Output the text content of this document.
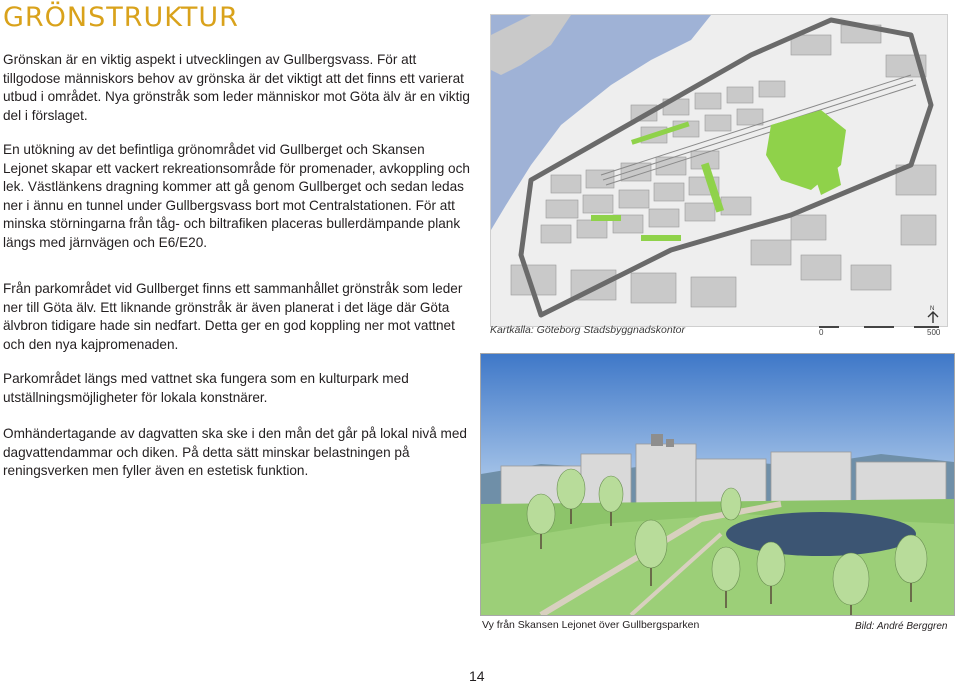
GRÖNSTRUKTUR

Grönskan är en viktig aspekt i utvecklingen av Gullbergsvass. För att tillgodose människors behov av grönska är det viktigt att det finns ett varierat utbud i området. Nya grönstråk som leder människor mot Göta älv är en viktig del i förslaget.

En utökning av det befintliga grönområdet vid Gullberget och Skansen Lejonet skapar ett vackert rekreationsområde för promenader, avkoppling och lek. Västlänkens dragning kommer att gå genom Gullberget och sedan ledas ner i ännu en tunnel under Gullbergsvass bort mot Centralstationen. För att minska störningarna från tåg- och biltrafiken placeras bullerdämpande plank längs med järnvägen och E6/E20.

Från parkområdet vid Gullberget finns ett sammanhållet grönstråk som leder ner till Göta älv. Ett liknande grönstråk är även planerat i det läge där Göta älvbron tidigare hade sin nedfart. Detta ger en god koppling ner mot vattnet och den nya kajpromenaden.

Parkområdet längs med vattnet ska fungera som en kulturpark med utställningsmöjligheter för lokala konstnärer.

Omhändertagande av dagvatten ska ske i den mån det går på lokal nivå med dagvattendammar och diken. På detta sätt minskar belastningen på reningsverken men fyller även en estetisk funktion.

Kartkälla: Göteborg Stadsbyggnadskontor	0	500
N
Vy från Skansen Lejonet över Gullbergsparken	Bild: André Berggren
14
